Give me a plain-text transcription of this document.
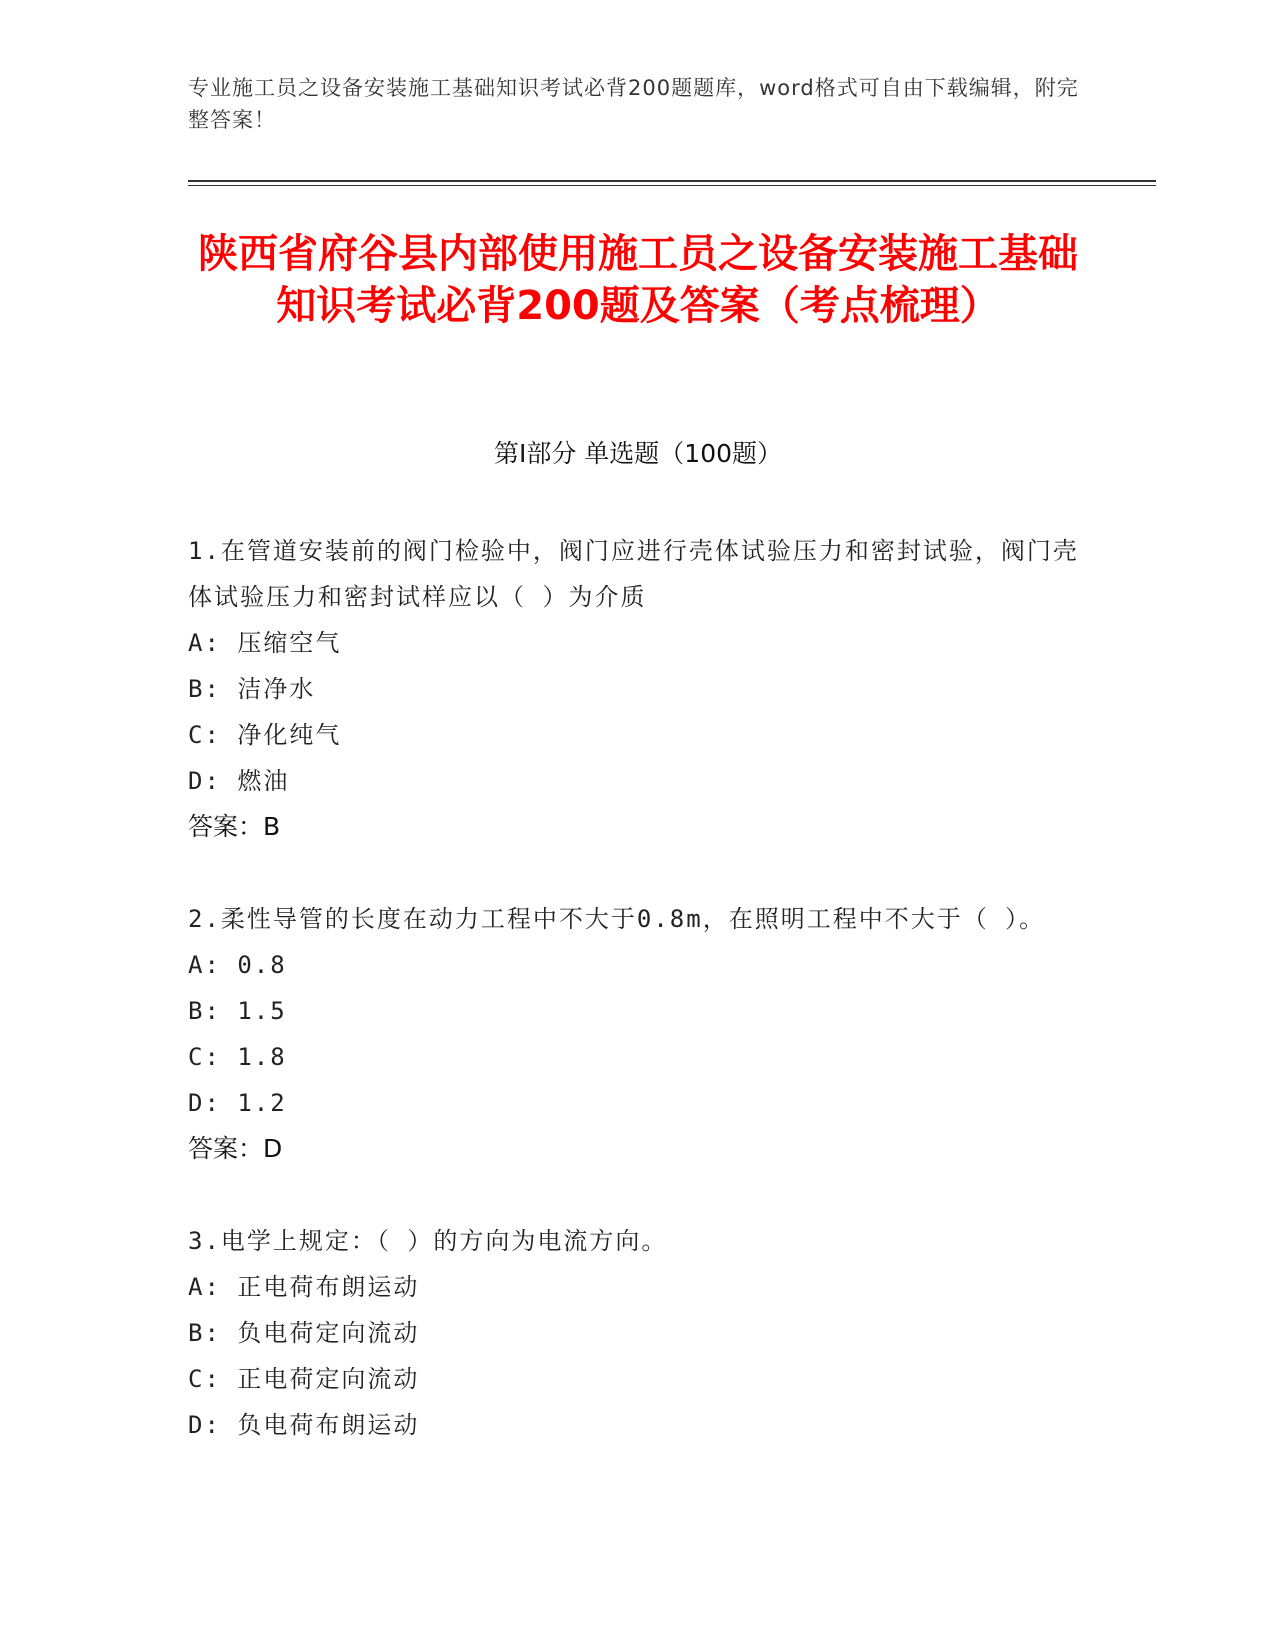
专业施工员之设备安装施工基础知识考试必背200题题库，word格式可自由下载编辑，附完整答案！
陕西省府谷县内部使用施工员之设备安装施工基础知识考试必背200题及答案（考点梳理）
第Ⅰ部分 单选题（100题）
1.在管道安装前的阀门检验中，阀门应进行壳体试验压力和密封试验，阀门壳体试验压力和密封试样应以（ ）为介质
A: 压缩空气
B: 洁净水
C: 净化纯气
D: 燃油
答案：B
2.柔性导管的长度在动力工程中不大于0.8m，在照明工程中不大于（ ）。
A: 0.8
B: 1.5
C: 1.8
D: 1.2
答案：D
3.电学上规定：（ ）的方向为电流方向。
A: 正电荷布朗运动
B: 负电荷定向流动
C: 正电荷定向流动
D: 负电荷布朗运动
